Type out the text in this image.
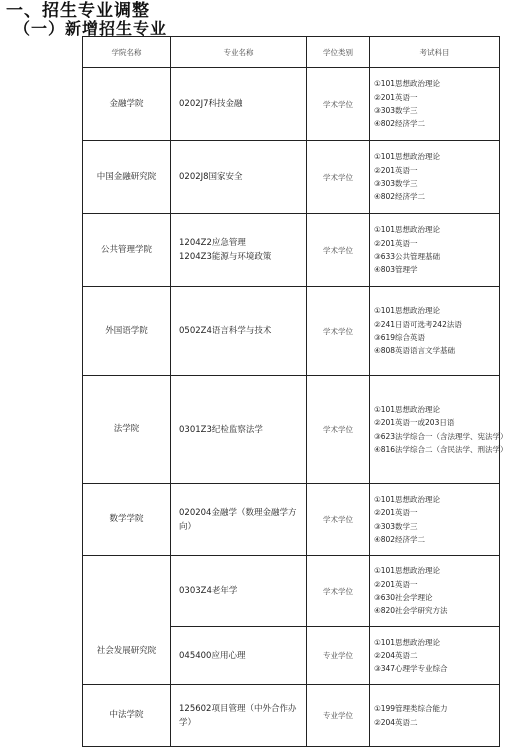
一、招生专业调整
（一）新增招生专业
学院名称	专业名称	学位类别	考试科目
金融学院	0202J7科技金融	学术学位	①101思想政治理论
②201英语一
③303数学三
④802经济学二

中国金融研究院	0202J8国家安全	学术学位	①101思想政治理论
②201英语一
③303数学三
④802经济学二

公共管理学院	1204Z2应急管理
1204Z3能源与环境政策	学术学位	①101思想政治理论
②201英语一
③633公共管理基础
④803管理学

外国语学院	0502Z4语言科学与技术	学术学位	①101思想政治理论
②241日语可选考242法语
③619综合英语
④808英语语言文学基础

法学院	0301Z3纪检监察法学	学术学位	①101思想政治理论
②201英语一或203日语
③623法学综合一（含法理学、宪法学）
④816法学综合二（含民法学、刑法学）

数学学院	020204金融学（数理金融学方向）	学术学位	①101思想政治理论
②201英语一
③303数学三
④802经济学二

社会发展研究院	0303Z4老年学	学术学位	①101思想政治理论
②201英语一
③630社会学理论
④820社会学研究方法

	045400应用心理	专业学位	①101思想政治理论
②204英语二
③347心理学专业综合

中法学院	125602项目管理（中外合作办学）	专业学位	①199管理类综合能力
②204英语二
